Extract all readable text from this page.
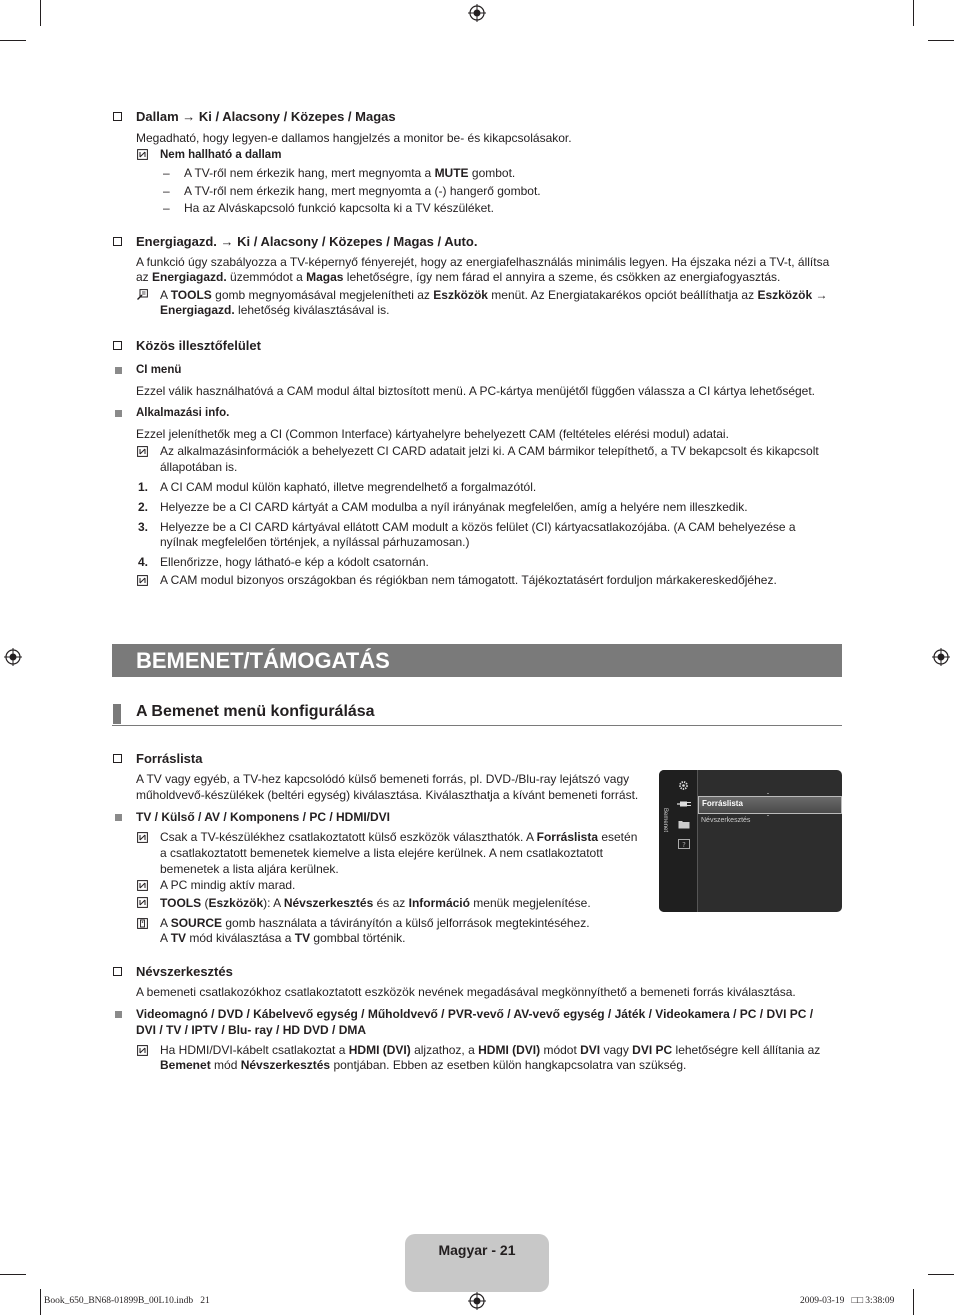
Dallam → Ki / Alacsony / Közepes / Magas
Megadható, hogy legyen-e dallamos hangjelzés a monitor be- és kikapcsolásakor.
Nem hallható a dallam
– A TV-ről nem érkezik hang, mert megnyomta a MUTE gombot.
– A TV-ről nem érkezik hang, mert megnyomta a (-) hangerő gombot.
– Ha az Alváskapcsoló funkció kapcsolta ki a TV készüléket.
Energiagazd. → Ki / Alacsony / Közepes / Magas / Auto.
A funkció úgy szabályozza a TV-képernyő fényerejét, hogy az energiafelhasználás minimális legyen. Ha éjszaka nézi a TV-t, állítsa
az Energiagazd. üzemmódot a Magas lehetőségre, így nem fárad el annyira a szeme, és csökken az energiafogyasztás.
A TOOLS gomb megnyomásával megjelenítheti az Eszközök menüt. Az Energiatakarékos opciót beállíthatja az Eszközök →
Energiagazd. lehetőség kiválasztásával is.
Közös illesztőfelület
CI menü
Ezzel válik használhatóvá a CAM modul által biztosított menü. A PC-kártya menüjétől függően válassza a CI kártya lehetőséget.
Alkalmazási info.
Ezzel jeleníthetők meg a CI (Common Interface) kártyahelyre behelyezett CAM (feltételes elérési modul) adatai.
Az alkalmazásinformációk a behelyezett CI CARD adatait jelzi ki. A CAM bármikor telepíthető, a TV bekapcsolt és kikapcsolt
állapotában is.
1. A CI CAM modul külön kapható, illetve megrendelhető a forgalmazótól.
2. Helyezze be a CI CARD kártyát a CAM modulba a nyíl irányának megfelelően, amíg a helyére nem illeszkedik.
3. Helyezze be a CI CARD kártyával ellátott CAM modult a közös felület (CI) kártyacsatlakozójába. (A CAM behelyezése a
nyílnak megfelelően történjek, a nyílással párhuzamosan.)
4. Ellenőrizze, hogy látható-e kép a kódolt csatornán.
A CAM modul bizonyos országokban és régiókban nem támogatott. Tájékoztatásért forduljon márkakereskedőjéhez.
BEMENET/TÁMOGATÁS
A Bemenet menü konfigurálása
Forráslista
A TV vagy egyéb, a TV-hez kapcsolódó külső bemeneti forrás, pl. DVD-/Blu-ray lejátszó vagy
műholdvevő-készülékek (beltéri egység) kiválasztása. Kiválaszthatja a kívánt bemeneti forrást.
TV / Külső / AV / Komponens / PC / HDMI/DVI
Csak a TV-készülékhez csatlakoztatott külső eszközök választhatók. A Forráslista esetén
a csatlakoztatott bemenetek kiemelve a lista elejére kerülnek. A nem csatlakoztatott
bemenetek a lista aljára kerülnek.
A PC mindig aktív marad.
TOOLS (Eszközök): A Névszerkesztés és az Információ menük megjelenítése.
A SOURCE gomb használata a távirányítón a külső jelforrások megtekintéséhez.
A TV mód kiválasztása a TV gombbal történik.
Bemenet
?
Forráslista
Névszerkesztés
Névszerkesztés
A bemeneti csatlakozókhoz csatlakoztatott eszközök nevének megadásával megkönnyíthető a bemeneti forrás kiválasztása.
Videomagnó / DVD / Kábelvevő egység / Műholdvevő / PVR-vevő / AV-vevő egység / Játék / Videokamera / PC / DVI PC /
DVI / TV / IPTV / Blu- ray / HD DVD / DMA
Ha HDMI/DVI-kábelt csatlakoztat a HDMI (DVI) aljzathoz, a HDMI (DVI) módot DVI vagy DVI PC lehetőségre kell állítania az
Bemenet mód Névszerkesztés pontjában. Ebben az esetben külön hangkapcsolatra van szükség.
Magyar - 21
Book_650_BN68-01899B_00L10.indb   21	2009-03-19   □□ 3:38:09
